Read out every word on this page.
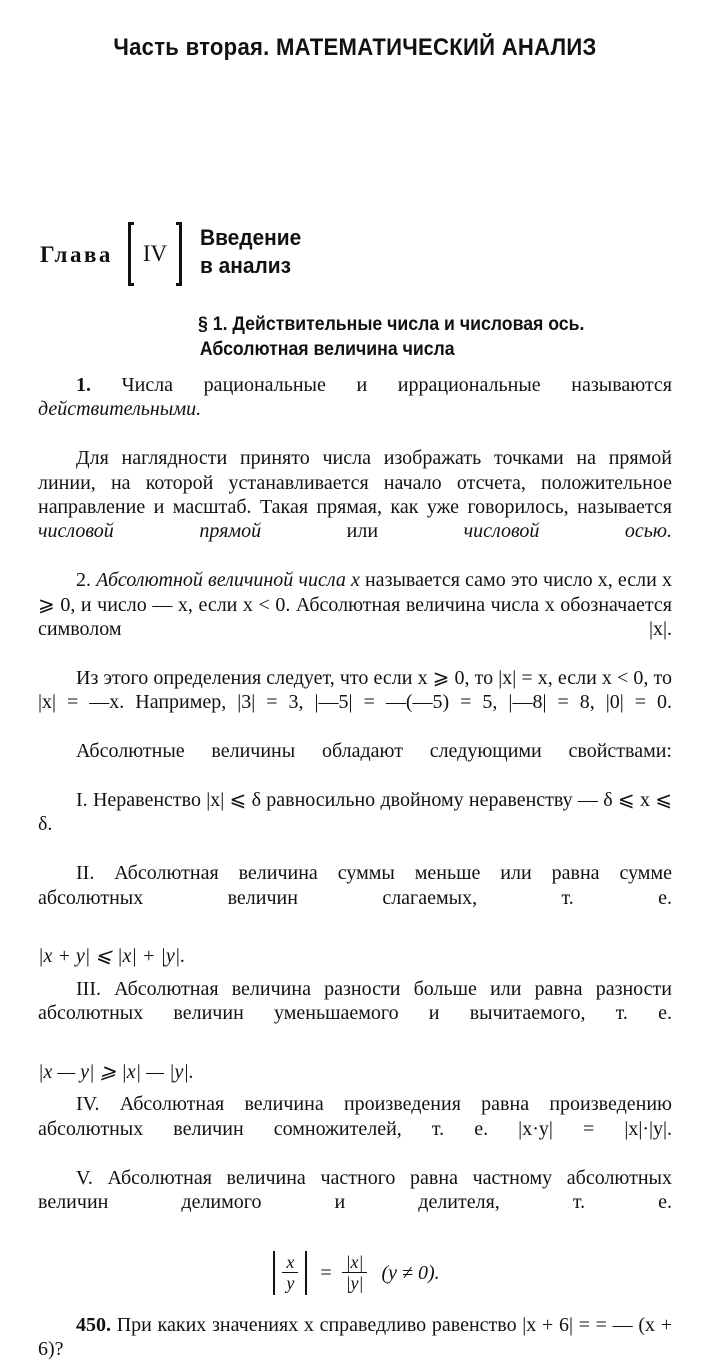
Часть вторая. МАТЕМАТИЧЕСКИЙ АНАЛИЗ
Глава IV
Введение
в анализ
§ 1. Действительные числа и числовая ось.
Абсолютная величина числа

1. Числа рациональные и иррациональные называются действительными.

Для наглядности принято числа изображать точками на прямой линии, на которой устанавливается начало отсчета, положительное направление и масштаб. Такая прямая, как уже говорилось, называется числовой прямой или числовой осью.

2. Абсолютной величиной числа x называется само это число x, если x ⩾ 0, и число — x, если x < 0. Абсолютная величина числа x обозначается символом |x|.

Из этого определения следует, что если x ⩾ 0, то |x| = x, если x < 0, то |x| = —x. Например, |3| = 3, |—5| = —(—5) = 5, |—8| = 8, |0| = 0.

Абсолютные величины обладают следующими свойствами:

I. Неравенство |x| ⩽ δ равносильно двойному неравенству — δ ⩽ x ⩽ δ.

II. Абсолютная величина суммы меньше или равна сумме абсолютных величин слагаемых, т. е.

|x + y| ⩽ |x| + |y|.

III. Абсолютная величина разности больше или равна разности абсолютных величин уменьшаемого и вычитаемого, т. е.

|x — y| ⩾ |x| — |y|.

IV. Абсолютная величина произведения равна произведению абсолютных величин сомножителей, т. е. |x·y| = |x|·|y|.

V. Абсолютная величина частного равна частному абсолютных величин делимого и делителя, т. е.

$\frac{x}{y} = \frac{|x|}{|y|} (y \ne 0)$.

450. При каких значениях x справедливо равенство |x + 6| = = — (x + 6)?
